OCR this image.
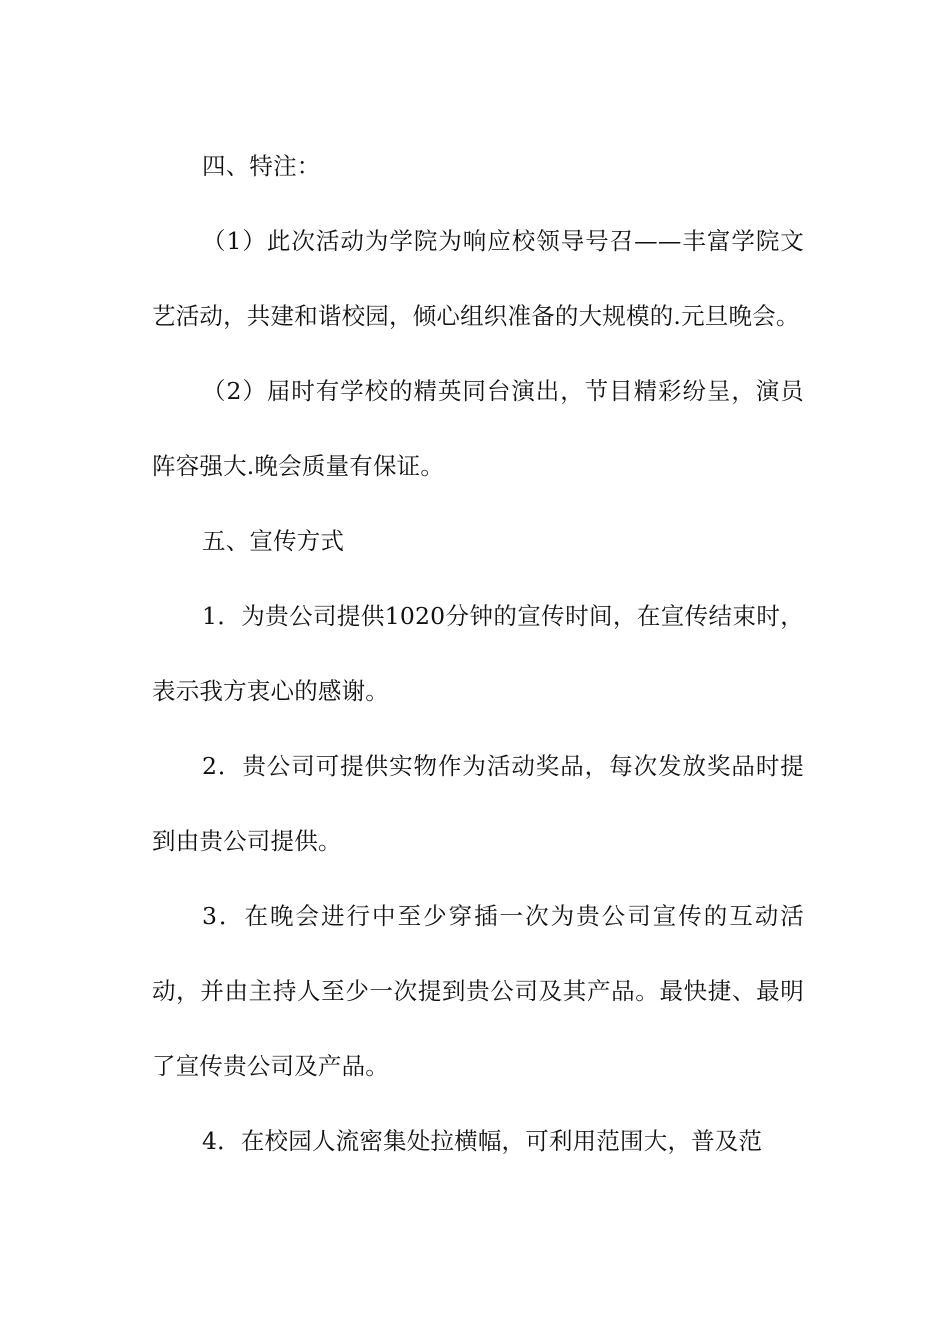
四、特注：

（1）此次活动为学院为响应校领导号召——丰富学院文艺活动，共建和谐校园，倾心组织准备的大规模的.元旦晚会。

（2）届时有学校的精英同台演出，节目精彩纷呈，演员阵容强大.晚会质量有保证。

五、宣传方式

1．为贵公司提供1020分钟的宣传时间，在宣传结束时，表示我方衷心的感谢。

2．贵公司可提供实物作为活动奖品，每次发放奖品时提到由贵公司提供。

3．在晚会进行中至少穿插一次为贵公司宣传的互动活动，并由主持人至少一次提到贵公司及其产品。最快捷、最明了宣传贵公司及产品。

4．在校园人流密集处拉横幅，可利用范围大，普及范
